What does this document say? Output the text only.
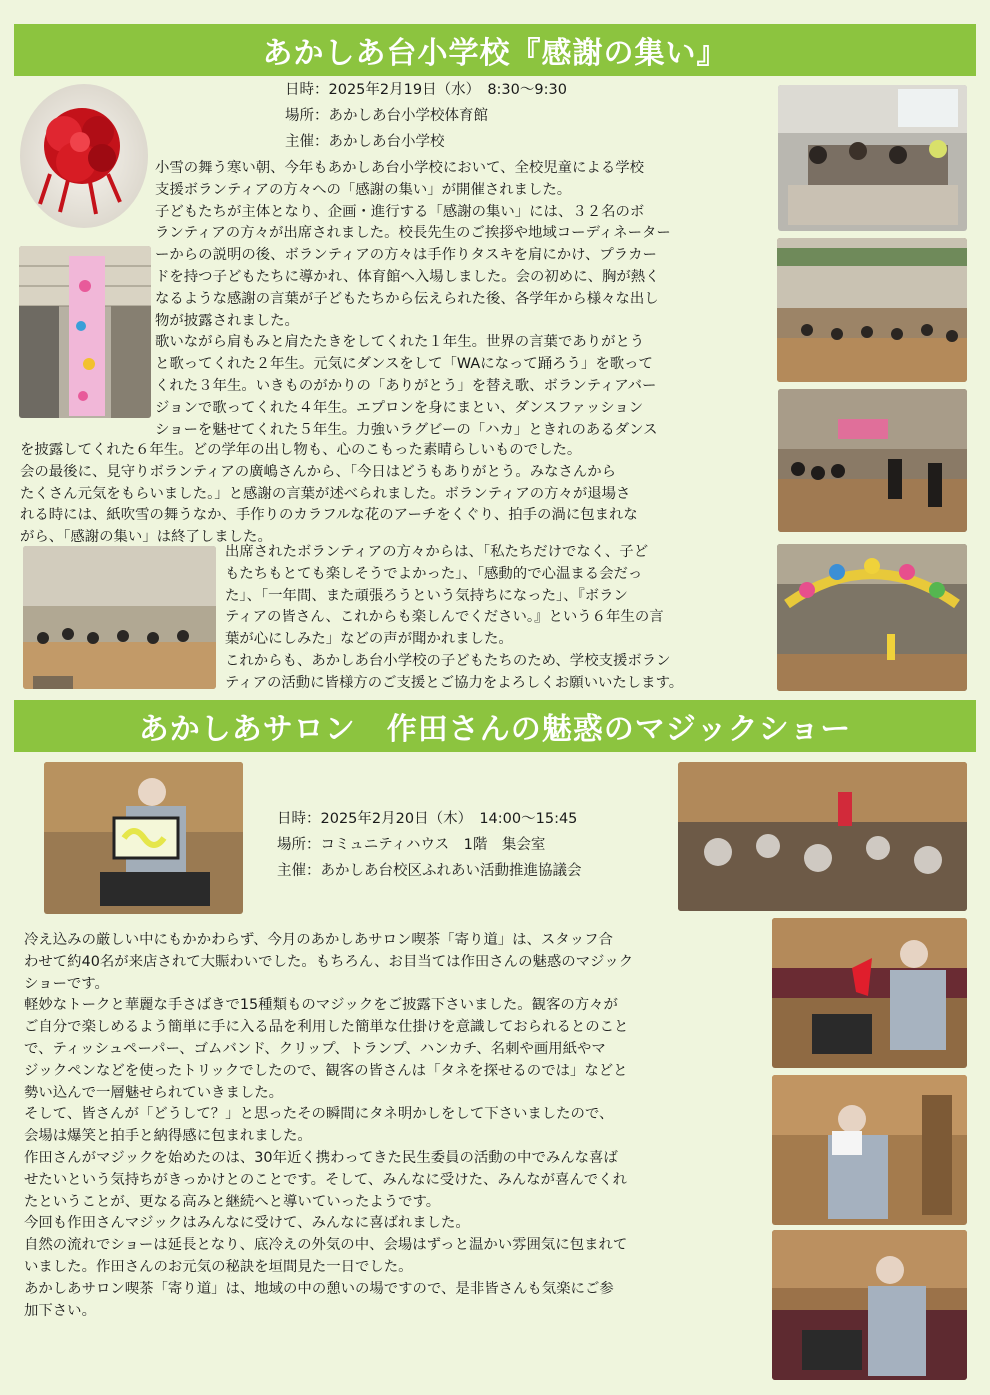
あかしあ台小学校『感謝の集い』
日時：2025年2月19日（水）　8:30～9:30
場所：あかしあ台小学校体育館
主催：あかしあ台小学校
小雪の舞う寒い朝、今年もあかしあ台小学校において、全校児童による学校
支援ボランティアの方々への「感謝の集い」が開催されました。
子どもたちが主体となり、企画・進行する「感謝の集い」には、３２名のボ
ランティアの方々が出席されました。校長先生のご挨拶や地域コーディネーター
ーからの説明の後、ボランティアの方々は手作りタスキを肩にかけ、プラカー
ドを持つ子どもたちに導かれ、体育館へ入場しました。会の初めに、胸が熱く
なるような感謝の言葉が子どもたちから伝えられた後、各学年から様々な出し
物が披露されました。
歌いながら肩もみと肩たたきをしてくれた１年生。世界の言葉でありがとう
と歌ってくれた２年生。元気にダンスをして「WAになって踊ろう」を歌って
くれた３年生。いきものがかりの「ありがとう」を替え歌、ボランティアバー
ジョンで歌ってくれた４年生。エプロンを身にまとい、ダンスファッション
ショーを魅せてくれた５年生。力強いラグビーの「ハカ」ときれのあるダンス
を披露してくれた６年生。どの学年の出し物も、心のこもった素晴らしいものでした。
会の最後に、見守りボランティアの廣嶋さんから、「今日はどうもありがとう。みなさんから
たくさん元気をもらいました。」と感謝の言葉が述べられました。ボランティアの方々が退場さ
れる時には、紙吹雪の舞うなか、手作りのカラフルな花のアーチをくぐり、拍手の渦に包まれな
がら、「感謝の集い」は終了しました。
出席されたボランティアの方々からは、「私たちだけでなく、子ど
もたちもとても楽しそうでよかった」、「感動的で心温まる会だっ
た」、「一年間、また頑張ろうという気持ちになった」、『ボラン
ティアの皆さん、これからも楽しんでください。』という６年生の言
葉が心にしみた」などの声が聞かれました。
これからも、あかしあ台小学校の子どもたちのため、学校支援ボラン
ティアの活動に皆様方のご支援とご協力をよろしくお願いいたします。
あかしあサロン　作田さんの魅惑のマジックショー
日時：2025年2月20日（木）　14:00～15:45
場所：コミュニティハウス　1階　集会室
主催：あかしあ台校区ふれあい活動推進協議会
冷え込みの厳しい中にもかかわらず、今月のあかしあサロン喫茶「寄り道」は、スタッフ合
わせて約40名が来店されて大賑わいでした。もちろん、お目当ては作田さんの魅惑のマジック
ショーです。
軽妙なトークと華麗な手さばきで15種類ものマジックをご披露下さいました。観客の方々が
ご自分で楽しめるよう簡単に手に入る品を利用した簡単な仕掛けを意識しておられるとのこと
で、ティッシュペーパー、ゴムバンド、クリップ、トランプ、ハンカチ、名刺や画用紙やマ
ジックペンなどを使ったトリックでしたので、観客の皆さんは「タネを探せるのでは」などと
勢い込んで一層魅せられていきました。
そして、皆さんが「どうして？」と思ったその瞬間にタネ明かしをして下さいましたので、
会場は爆笑と拍手と納得感に包まれました。
作田さんがマジックを始めたのは、30年近く携わってきた民生委員の活動の中でみんな喜ば
せたいという気持ちがきっかけとのことです。そして、みんなに受けた、みんなが喜んでくれ
たということが、更なる高みと継続へと導いていったようです。
今回も作田さんマジックはみんなに受けて、みんなに喜ばれました。
自然の流れでショーは延長となり、底冷えの外気の中、会場はずっと温かい雰囲気に包まれて
いました。作田さんのお元気の秘訣を垣間見た一日でした。
あかしあサロン喫茶「寄り道」は、地域の中の憩いの場ですので、是非皆さんも気楽にご参
加下さい。
